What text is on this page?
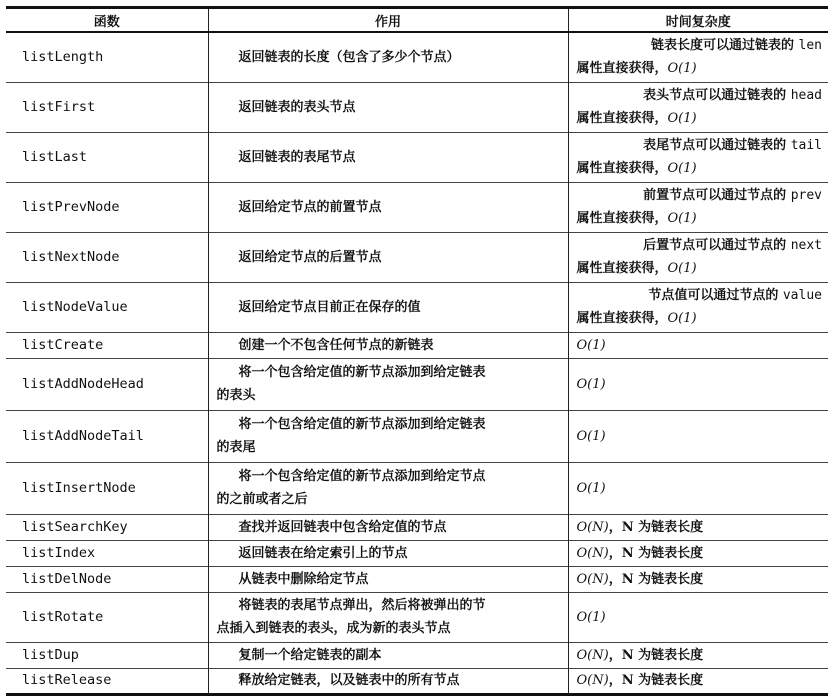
函数	作用	时间复杂度
listLength	返回链表的长度（包含了多少个节点）	链表长度可以通过链表的 len
属性直接获得，O(1)

listFirst	返回链表的表头节点	表头节点可以通过链表的 head
属性直接获得，O(1)

listLast	返回链表的表尾节点	表尾节点可以通过链表的 tail
属性直接获得，O(1)

listPrevNode	返回给定节点的前置节点	前置节点可以通过节点的 prev
属性直接获得，O(1)

listNextNode	返回给定节点的后置节点	后置节点可以通过节点的 next
属性直接获得，O(1)

listNodeValue	返回给定节点目前正在保存的值	节点值可以通过节点的 value
属性直接获得，O(1)

listCreate	创建一个不包含任何节点的新链表	O(1)
listAddNodeHead	将一个包含给定值的新节点添加到给定链表
的表头	O(1)
listAddNodeTail	将一个包含给定值的新节点添加到给定链表
的表尾	O(1)
listInsertNode	将一个包含给定值的新节点添加到给定节点
的之前或者之后	O(1)
listSearchKey	查找并返回链表中包含给定值的节点	O(N)，N 为链表长度
listIndex	返回链表在给定索引上的节点	O(N)，N 为链表长度
listDelNode	从链表中删除给定节点	O(N)，N 为链表长度
listRotate	将链表的表尾节点弹出，然后将被弹出的节
点插入到链表的表头，成为新的表头节点	O(1)
listDup	复制一个给定链表的副本	O(N)，N 为链表长度
listRelease	释放给定链表，以及链表中的所有节点	O(N)，N 为链表长度
